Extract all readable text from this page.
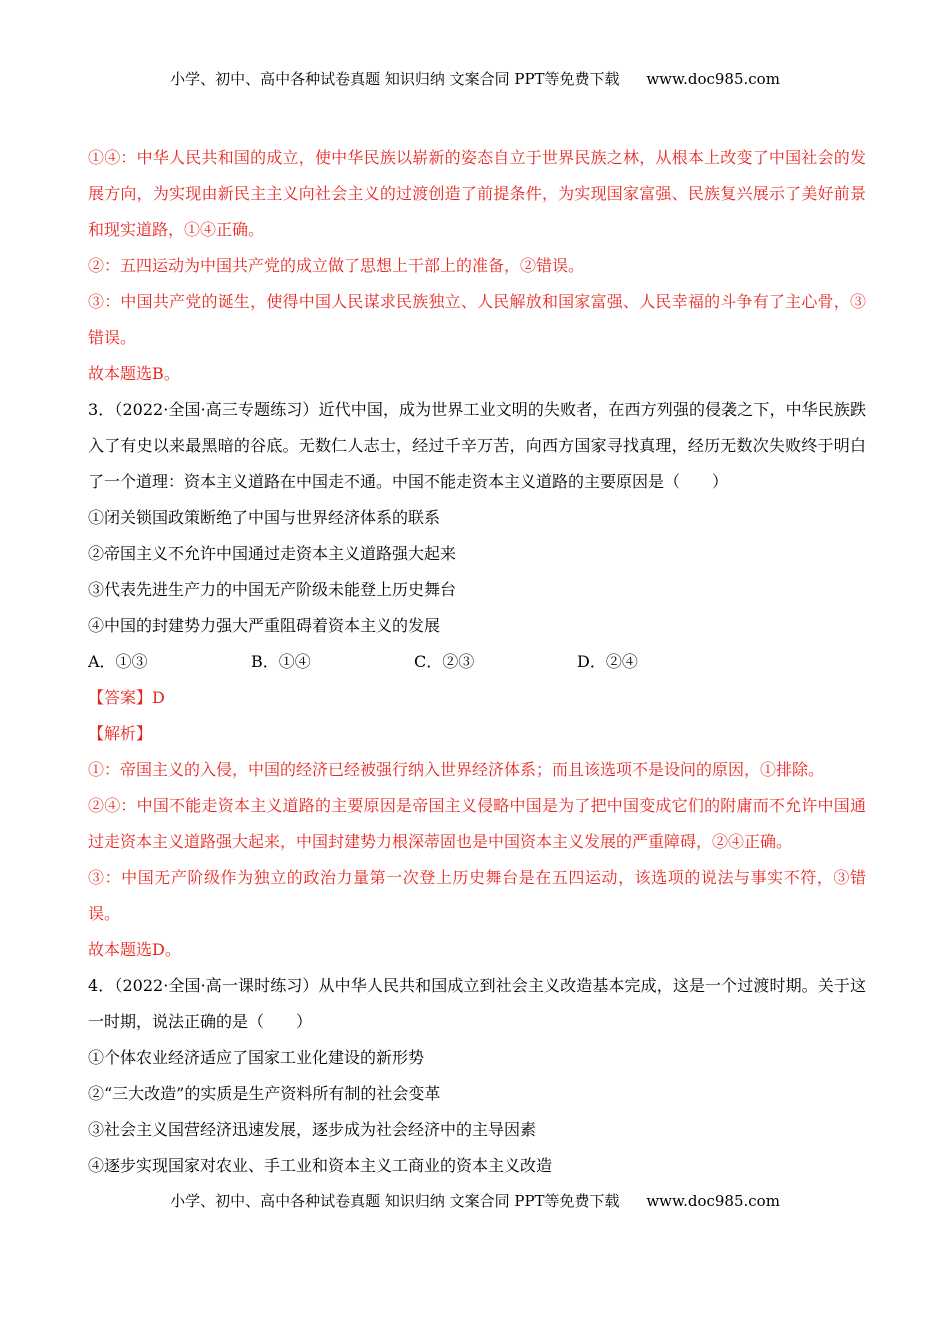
小学、初中、高中各种试卷真题 知识归纳 文案合同 PPT等免费下载 www.doc985.com
①④：中华人民共和国的成立，使中华民族以崭新的姿态自立于世界民族之林，从根本上改变了中国社会的发展方向，为实现由新民主主义向社会主义的过渡创造了前提条件，为实现国家富强、民族复兴展示了美好前景和现实道路，①④正确。
②：五四运动为中国共产党的成立做了思想上干部上的准备，②错误。
③：中国共产党的诞生，使得中国人民谋求民族独立、人民解放和国家富强、人民幸福的斗争有了主心骨，③错误。
故本题选B。
3．（2022·全国·高三专题练习）近代中国，成为世界工业文明的失败者，在西方列强的侵袭之下，中华民族跌入了有史以来最黑暗的谷底。无数仁人志士，经过千辛万苦，向西方国家寻找真理，经历无数次失败终于明白了一个道理：资本主义道路在中国走不通。中国不能走资本主义道路的主要原因是（　　）
①闭关锁国政策断绝了中国与世界经济体系的联系
②帝国主义不允许中国通过走资本主义道路强大起来
③代表先进生产力的中国无产阶级未能登上历史舞台
④中国的封建势力强大严重阻碍着资本主义的发展
A．①③	B．①④	C．②③	D．②④
【答案】D
【解析】
①：帝国主义的入侵，中国的经济已经被强行纳入世界经济体系；而且该选项不是设问的原因，①排除。
②④：中国不能走资本主义道路的主要原因是帝国主义侵略中国是为了把中国变成它们的附庸而不允许中国通过走资本主义道路强大起来，中国封建势力根深蒂固也是中国资本主义发展的严重障碍，②④正确。
③：中国无产阶级作为独立的政治力量第一次登上历史舞台是在五四运动，该选项的说法与事实不符，③错误。
故本题选D。
4．（2022·全国·高一课时练习）从中华人民共和国成立到社会主义改造基本完成，这是一个过渡时期。关于这一时期，说法正确的是（　　）
①个体农业经济适应了国家工业化建设的新形势
②“三大改造”的实质是生产资料所有制的社会变革
③社会主义国营经济迅速发展，逐步成为社会经济中的主导因素
④逐步实现国家对农业、手工业和资本主义工商业的资本主义改造
小学、初中、高中各种试卷真题 知识归纳 文案合同 PPT等免费下载 www.doc985.com
